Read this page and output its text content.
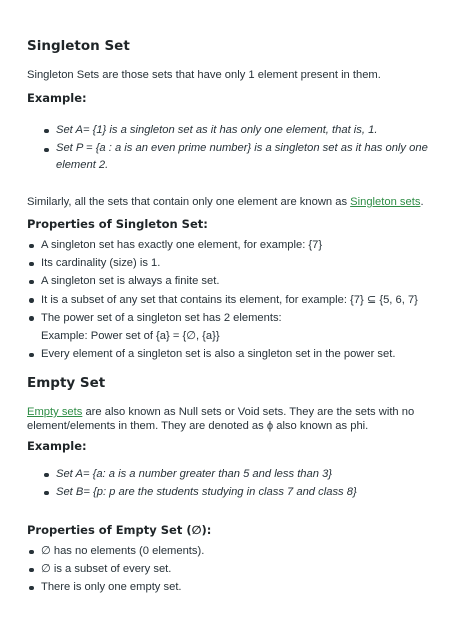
Singleton Set

Singleton Sets are those sets that have only 1 element present in them.

Example:
Set A= {1} is a singleton set as it has only one element, that is, 1.
Set P = {a : a is an even prime number} is a singleton set as it has only one element 2.

Similarly, all the sets that contain only one element are known as Singleton sets.

Properties of Singleton Set:
A singleton set has exactly one element, for example: {7}
Its cardinality (size) is 1.
A singleton set is always a finite set.
It is a subset of any set that contains its element, for example: {7} ⊆ {5, 6, 7}
The power set of a singleton set has 2 elements:
Example: Power set of {a} = {∅, {a}}
Every element of a singleton set is also a singleton set in the power set.
Empty Set

Empty sets are also known as Null sets or Void sets. They are the sets with no element/elements in them. They are denoted as ϕ also known as phi.

Example:
Set A= {a: a is a number greater than 5 and less than 3}
Set B= {p: p are the students studying in class 7 and class 8}
Properties of Empty Set (∅):
∅ has no elements (0 elements).
∅ is a subset of every set.
There is only one empty set.
